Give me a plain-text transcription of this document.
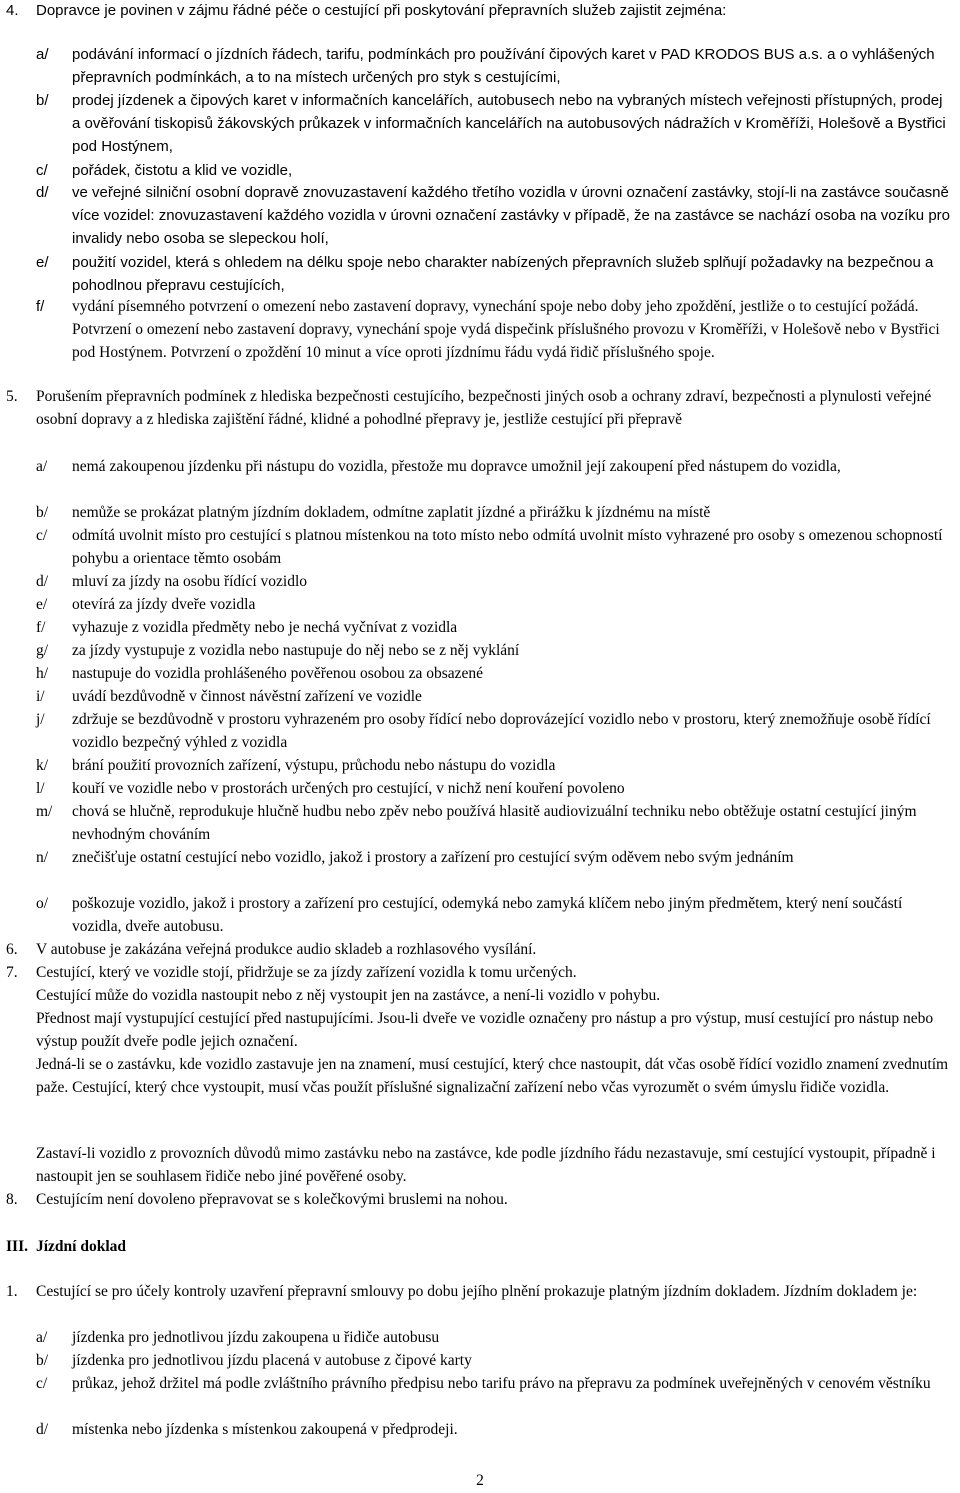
4. Dopravce je povinen v zájmu řádné péče o cestující při poskytování přepravních služeb zajistit zejména:
a/ podávání informací o jízdních řádech, tarifu, podmínkách pro používání čipových karet v PAD KRODOS BUS a.s. a o vyhlášených přepravních podmínkách, a to na místech určených pro styk s cestujícími,
b/ prodej jízdenek a čipových karet v informačních kancelářích, autobusech nebo na vybraných místech veřejnosti přístupných, prodej a ověřování tiskopisů žákovských průkazek v informačních kancelářích na autobusových nádražích v Kroměříži, Holešově a Bystřici pod Hostýnem,
c/ pořádek, čistotu a klid ve vozidle,
d/ ve veřejné silniční osobní dopravě znovuzastavení každého třetího vozidla v úrovni označení zastávky, stojí-li na zastávce současně více vozidel: znovuzastavení každého vozidla v úrovni označení zastávky v případě, že na zastávce se nachází osoba na vozíku pro invalidy nebo osoba se slepeckou holí,
e/ použití vozidel, která s ohledem na délku spoje nebo charakter nabízených přepravních služeb splňují požadavky na bezpečnou a pohodlnou přepravu cestujících,
f/ vydání písemného potvrzení o omezení nebo zastavení dopravy, vynechání spoje nebo doby jeho zpoždění, jestliže o to cestující požádá. Potvrzení o omezení nebo zastavení dopravy, vynechání spoje vydá dispečink příslušného provozu v Kroměříži, v Holešově nebo v Bystřici pod Hostýnem. Potvrzení o zpoždění 10 minut a více oproti jízdnímu řádu vydá řidič příslušného spoje.
5. Porušením přepravních podmínek z hlediska bezpečnosti cestujícího, bezpečnosti jiných osob a ochrany zdraví, bezpečnosti a plynulosti veřejné osobní dopravy a z hlediska zajištění řádné, klidné a pohodlné přepravy je, jestliže cestující při přepravě
a/ nemá zakoupenou jízdenku při nástupu do vozidla, přestože mu dopravce umožnil její zakoupení před nástupem do vozidla,
b/ nemůže se prokázat platným jízdním dokladem, odmítne zaplatit jízdné a přirážku k jízdnému na místě
c/ odmítá uvolnit místo pro cestující s platnou místenkou na toto místo nebo odmítá uvolnit místo vyhrazené pro osoby s omezenou schopností pohybu a orientace těmto osobám
d/ mluví za jízdy na osobu řídící vozidlo
e/ otevírá za jízdy dveře vozidla
f/ vyhazuje z vozidla předměty nebo je nechá vyčnívat z vozidla
g/ za jízdy vystupuje z vozidla nebo nastupuje do něj nebo se z něj vyklání
h/ nastupuje do vozidla prohlášeného pověřenou osobou za obsazené
i/ uvádí bezdůvodně v činnost návěstní zařízení ve vozidle
j/ zdržuje se bezdůvodně v prostoru vyhrazeném pro osoby řídící nebo doprovázející vozidlo nebo v prostoru, který znemožňuje osobě řídící vozidlo bezpečný výhled z vozidla
k/ brání použití provozních zařízení, výstupu, průchodu nebo nástupu do vozidla
l/ kouří ve vozidle nebo v prostorách určených pro cestující, v nichž není kouření povoleno
m/ chová se hlučně, reprodukuje hlučně hudbu nebo zpěv nebo používá hlasitě audiovizuální techniku nebo obtěžuje ostatní cestující jiným nevhodným chováním
n/ znečišťuje ostatní cestující nebo vozidlo, jakož i prostory a zařízení pro cestující svým oděvem nebo svým jednáním
o/ poškozuje vozidlo, jakož i prostory a zařízení pro cestující, odemyká nebo zamyká klíčem nebo jiným předmětem, který není součástí vozidla, dveře autobusu.
6. V autobuse je zakázána veřejná produkce audio skladeb a rozhlasového vysílání.
7. Cestující, který ve vozidle stojí, přidržuje se za jízdy zařízení vozidla k tomu určených.
Cestující může do vozidla nastoupit nebo z něj vystoupit jen na zastávce, a není-li vozidlo v pohybu.
Přednost mají vystupující cestující před nastupujícími. Jsou-li dveře ve vozidle označeny pro nástup a pro výstup, musí cestující pro nástup nebo výstup použít dveře podle jejich označení.
Jedná-li se o zastávku, kde vozidlo zastavuje jen na znamení, musí cestující, který chce nastoupit, dát včas osobě řídící vozidlo znamení zvednutím paže. Cestující, který chce vystoupit, musí včas použít příslušné signalizační zařízení nebo včas vyrozumět o svém úmyslu řidiče vozidla.
Zastaví-li vozidlo z provozních důvodů mimo zastávku nebo na zastávce, kde podle jízdního řádu nezastavuje, smí cestující vystoupit, případně i nastoupit jen se souhlasem řidiče nebo jiné pověřené osoby.
8. Cestujícím není dovoleno přepravovat se s kolečkovými bruslemi na nohou.
III. Jízdní doklad
1. Cestující se pro účely kontroly uzavření přepravní smlouvy po dobu jejího plnění prokazuje platným jízdním dokladem. Jízdním dokladem je:
a/ jízdenka pro jednotlivou jízdu zakoupena u řidiče autobusu
b/ jízdenka pro jednotlivou jízdu placená v autobuse z čipové karty
c/ průkaz, jehož držitel má podle zvláštního právního předpisu nebo tarifu právo na přepravu za podmínek uveřejněných v cenovém věstníku
d/ místenka nebo jízdenka s místenkou zakoupená v předprodeji.
2
